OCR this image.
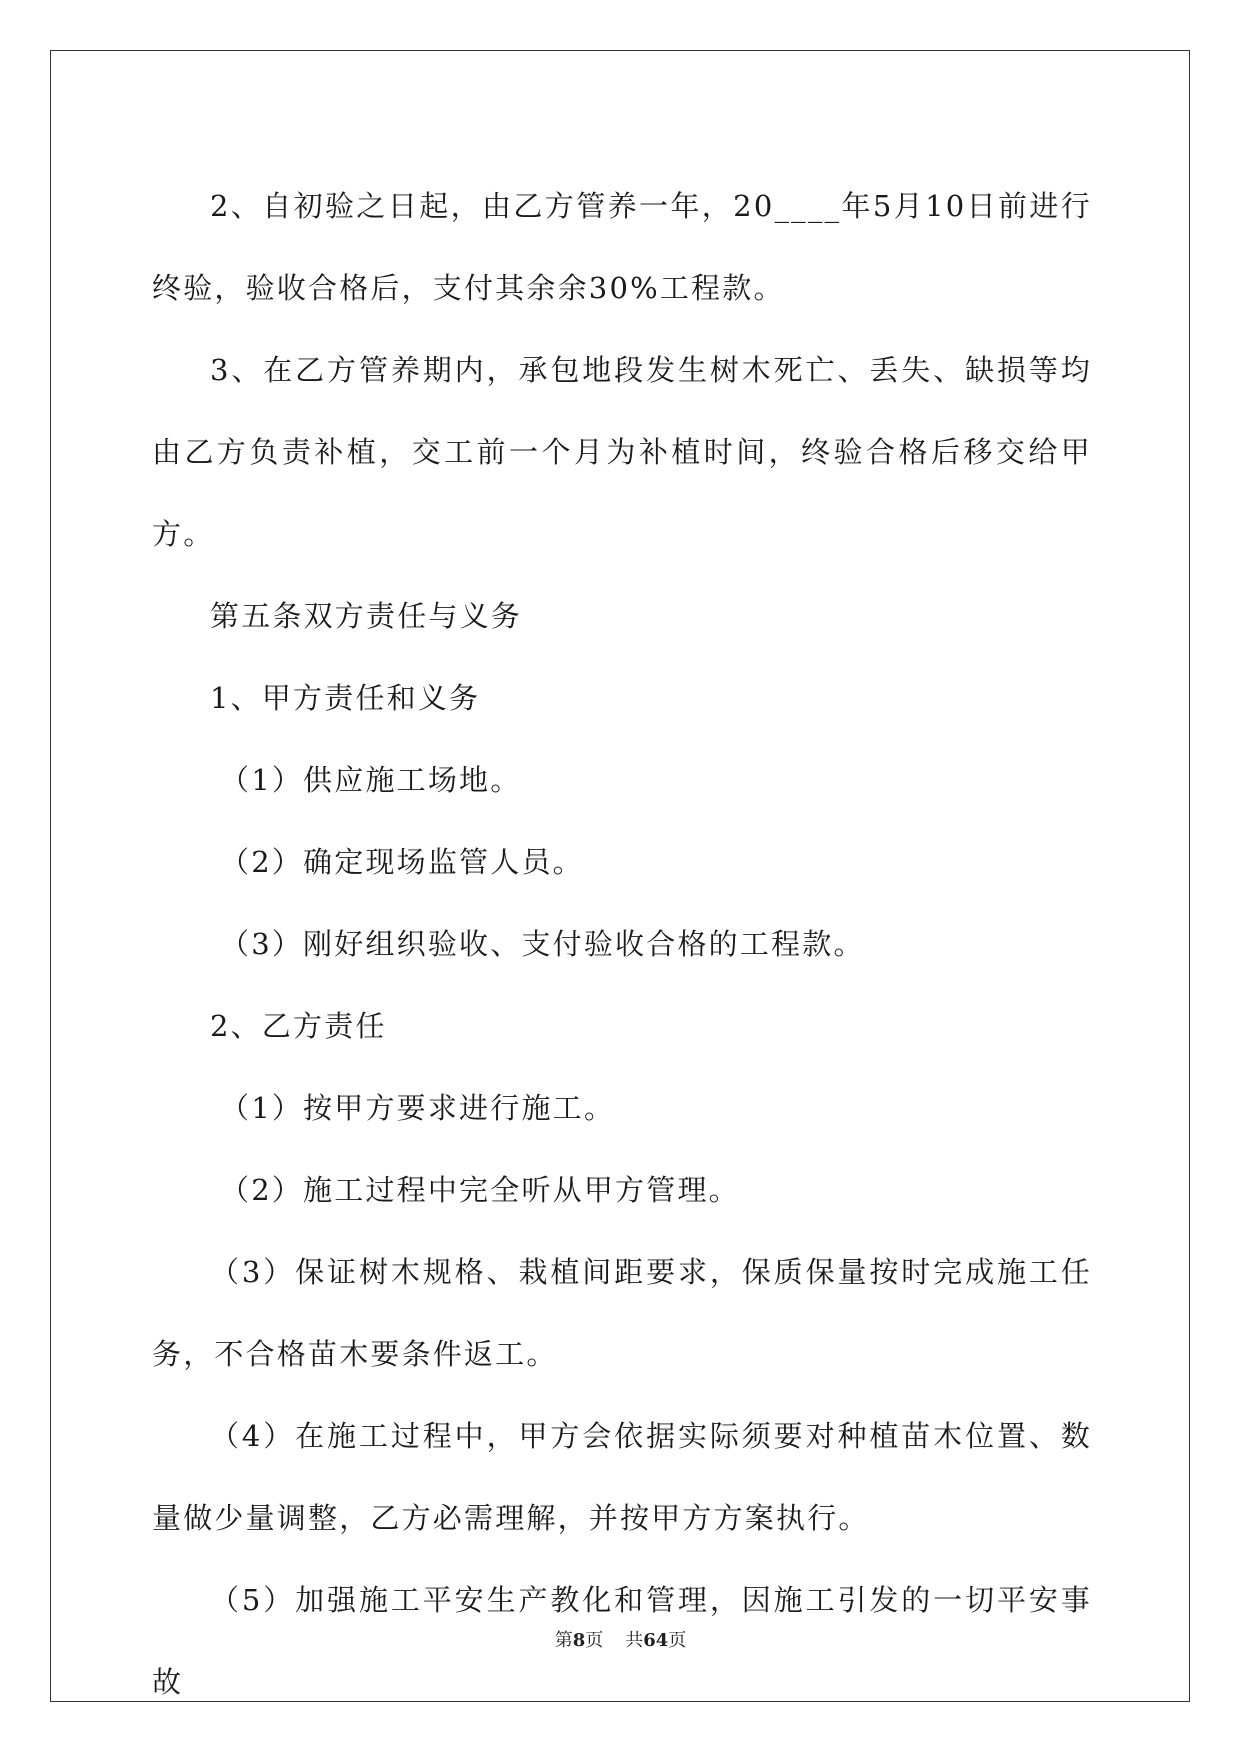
2、自初验之日起，由乙方管养一年，20____年5月10日前进行终验，验收合格后，支付其余余30%工程款。

3、在乙方管养期内，承包地段发生树木死亡、丢失、缺损等均由乙方负责补植，交工前一个月为补植时间，终验合格后移交给甲方。

第五条双方责任与义务

1、甲方责任和义务

（1）供应施工场地。

（2）确定现场监管人员。

（3）刚好组织验收、支付验收合格的工程款。

2、乙方责任

（1）按甲方要求进行施工。

（2）施工过程中完全听从甲方管理。

（3）保证树木规格、栽植间距要求，保质保量按时完成施工任务，不合格苗木要条件返工。

（4）在施工过程中，甲方会依据实际须要对种植苗木位置、数量做少量调整，乙方必需理解，并按甲方方案执行。

（5）加强施工平安生产教化和管理，因施工引发的一切平安事故

第8页 共64页
